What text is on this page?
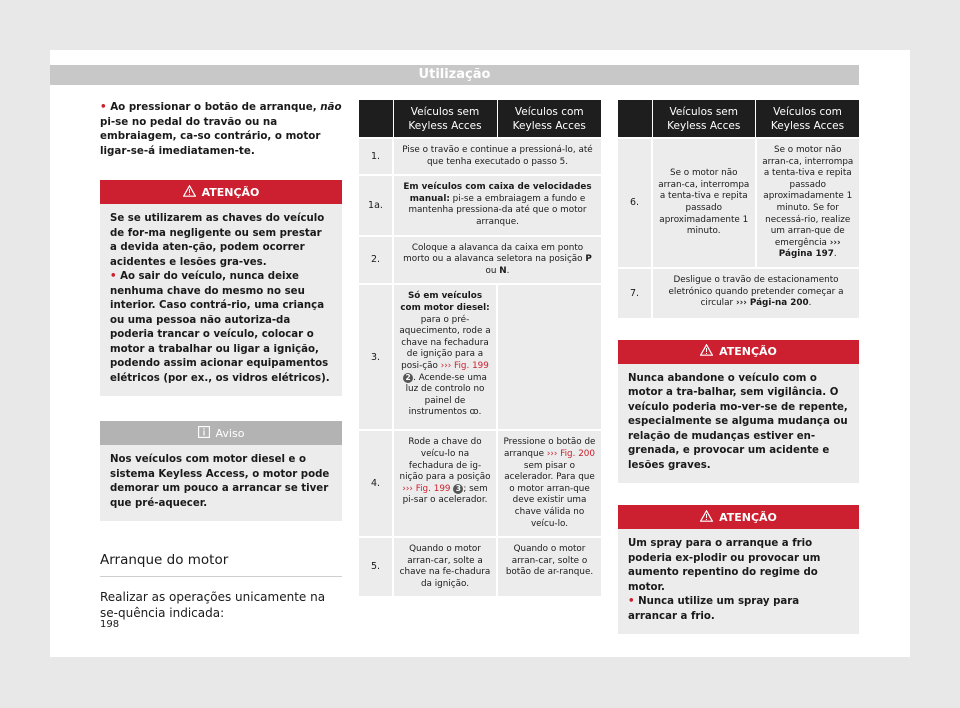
Utilização

• Ao pressionar o botão de arranque, não pi-se no pedal do travão ou na embraiagem, ca-so contrário, o motor ligar-se-á imediatamen-te.

ATENÇÃO

Se se utilizarem as chaves do veículo de for-ma negligente ou sem prestar a devida aten-ção, podem ocorrer acidentes e lesões gra-ves.

• Ao sair do veículo, nunca deixe nenhuma chave do mesmo no seu interior. Caso contrá-rio, uma criança ou uma pessoa não autoriza-da poderia trancar o veículo, colocar o motor a trabalhar ou ligar a ignição, podendo assim acionar equipamentos elétricos (por ex., os vidros elétricos).

Aviso

Nos veículos com motor diesel e o sistema Keyless Access, o motor pode demorar um pouco a arrancar se tiver que pré-aquecer.

Arranque do motor

Realizar as operações unicamente na se-quência indicada:

	Veículos sem Keyless Acces	Veículos com Keyless Acces
1.	Pise o travão e continue a pressioná-lo, até que tenha executado o passo 5.	
1a.	Em veículos com caixa de velocidades manual: pi-se a embraiagem a fundo e mantenha pressiona-da até que o motor arranque.	
2.	Coloque a alavanca da caixa em ponto morto ou a alavanca seletora na posição P ou N.	
3.	Só em veículos com motor diesel: para o pré-aquecimento, rode a chave na fechadura de ignição para a posi-ção ››› Fig. 199 2 . Acende-se uma luz de controlo no painel de instrumentos ꝏ.	
4.	Rode a chave do veícu-lo na fechadura de ig-nição para a posição ››› Fig. 199 3 ; sem pi-sar o acelerador.	Pressione o botão de arranque ››› Fig. 200 sem pisar o acelerador. Para que o motor arran-que deve existir uma chave válida no veícu-lo.
5.	Quando o motor arran-car, solte a chave na fe-chadura da ignição.	Quando o motor arran-car, solte o botão de ar-ranque.
	Veículos sem Keyless Acces	Veículos com Keyless Acces
6.	Se o motor não arran-ca, interrompa a tenta-tiva e repita passado aproximadamente 1 minuto.	Se o motor não arran-ca, interrompa a tenta-tiva e repita passado aproximadamente 1 minuto. Se for necessá-rio, realize um arran-que de emergência ››› Página 197.
7.	Desligue o travão de estacionamento eletrónico quando pretender começar a circular ››› Pági-na 200.	
ATENÇÃO

Nunca abandone o veículo com o motor a tra-balhar, sem vigilância. O veículo poderia mo-ver-se de repente, especialmente se alguma mudança ou relação de mudanças estiver en-grenada, e provocar um acidente e lesões graves.

ATENÇÃO

Um spray para o arranque a frio poderia ex-plodir ou provocar um aumento repentino do regime do motor.

• Nunca utilize um spray para arrancar a frio.

198
